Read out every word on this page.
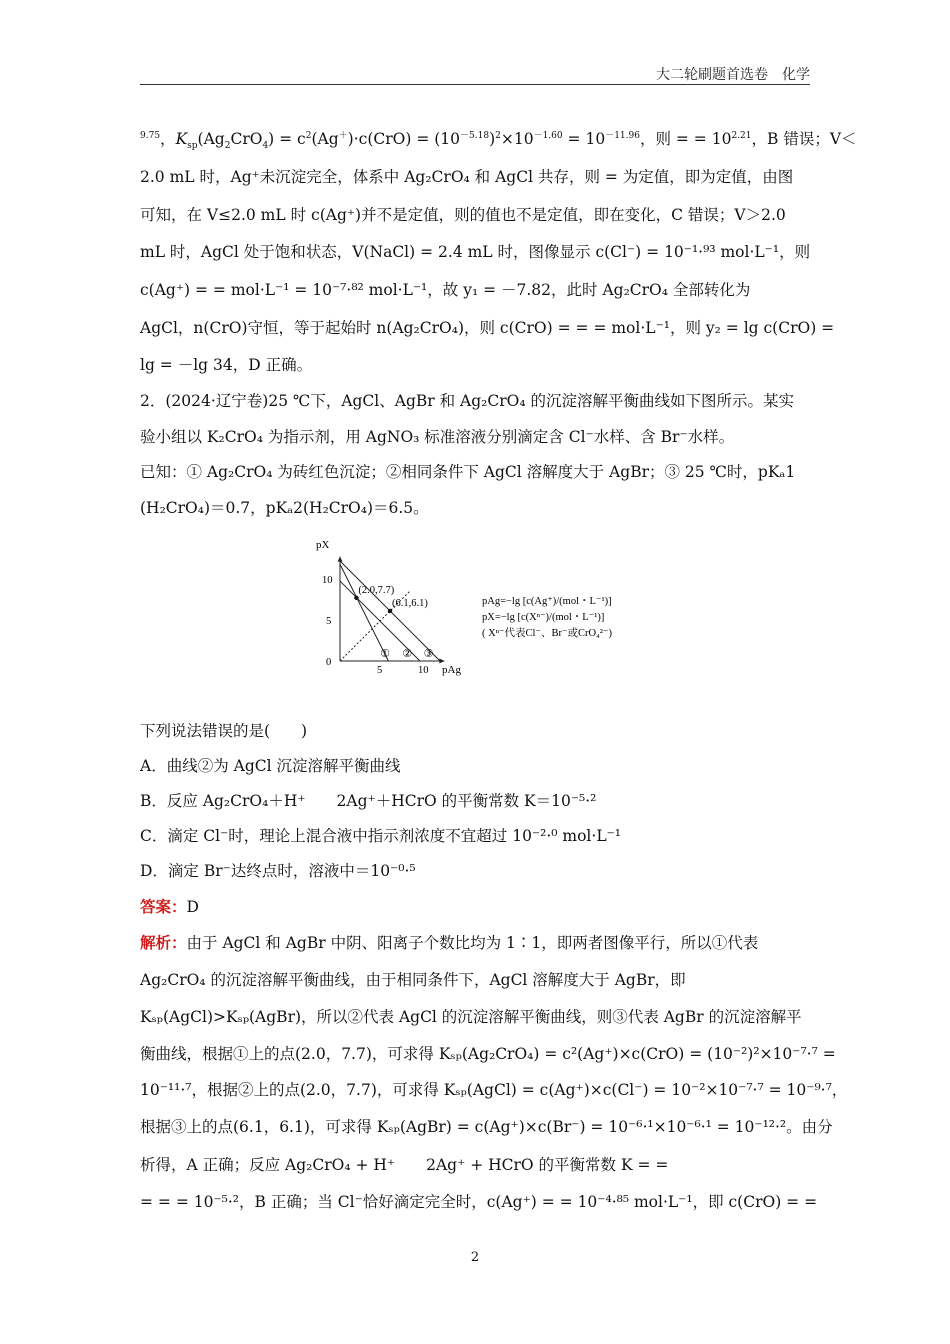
大二轮刷题首选卷　化学
$^{9.75}$，$K_{sp}(Ag_2CrO_4) = c^2(Ag^+)\cdot c(CrO) = (10^{-5.18})^2\times 10^{-1.60} = 10^{-11.96}$，则 = = $10^{2.21}$，B 错误；V＜
2.0 mL 时，Ag⁺未沉淀完全，体系中 Ag₂CrO₄ 和 AgCl 共存，则 = 为定值，即为定值，由图
可知，在 V≤2.0 mL 时 c(Ag⁺)并不是定值，则的值也不是定值，即在变化，C 错误；V＞2.0
mL 时，AgCl 处于饱和状态，V(NaCl) = 2.4 mL 时，图像显示 c(Cl⁻) = 10⁻¹·⁹³ mol·L⁻¹，则
c(Ag⁺) = = mol·L⁻¹ = 10⁻⁷·⁸² mol·L⁻¹，故 y₁ = －7.82，此时 Ag₂CrO₄ 全部转化为
AgCl，n(CrO)守恒，等于起始时 n(Ag₂CrO₄)，则 c(CrO) = = = mol·L⁻¹，则 y₂ = lg c(CrO) =
lg = －lg 34，D 正确。
2．(2024·辽宁卷)25 ℃下，AgCl、AgBr 和 Ag₂CrO₄ 的沉淀溶解平衡曲线如下图所示。某实
验小组以 K₂CrO₄ 为指示剂，用 AgNO₃ 标准溶液分别滴定含 Cl⁻水样、含 Br⁻水样。
已知：① Ag₂CrO₄ 为砖红色沉淀；②相同条件下 AgCl 溶解度大于 AgBr；③ 25 ℃时，pKₐ1
(H₂CrO₄)＝0.7，pKₐ2(H₂CrO₄)＝6.5。
5	10
0
5
10
① ② ③
(2.0,7.7)
(6.1,6.1)
pX
pAg
pAg=−lg [c(Ag⁺)/(mol・L⁻¹)]
pX=−lg [c(Xⁿ⁻)/(mol・L⁻¹)]
( Xⁿ⁻代表Cl⁻、Br⁻或CrO₄²⁻)
下列说法错误的是(　　)
A．曲线②为 AgCl 沉淀溶解平衡曲线
B．反应 Ag₂CrO₄＋H⁺　　2Ag⁺＋HCrO 的平衡常数 K＝10⁻⁵·²
C．滴定 Cl⁻时，理论上混合液中指示剂浓度不宜超过 10⁻²·⁰ mol·L⁻¹
D．滴定 Br⁻达终点时，溶液中＝10⁻⁰·⁵
答案：D
解析：由于 AgCl 和 AgBr 中阴、阳离子个数比均为 1∶1，即两者图像平行，所以①代表
Ag₂CrO₄ 的沉淀溶解平衡曲线，由于相同条件下，AgCl 溶解度大于 AgBr，即
Kₛₚ(AgCl)>Kₛₚ(AgBr)，所以②代表 AgCl 的沉淀溶解平衡曲线，则③代表 AgBr 的沉淀溶解平
衡曲线，根据①上的点(2.0，7.7)，可求得 Kₛₚ(Ag₂CrO₄) = c²(Ag⁺)×c(CrO) = (10⁻²)²×10⁻⁷·⁷ =
10⁻¹¹·⁷，根据②上的点(2.0，7.7)，可求得 Kₛₚ(AgCl) = c(Ag⁺)×c(Cl⁻) = 10⁻²×10⁻⁷·⁷ = 10⁻⁹·⁷，
根据③上的点(6.1，6.1)，可求得 Kₛₚ(AgBr) = c(Ag⁺)×c(Br⁻) = 10⁻⁶·¹×10⁻⁶·¹ = 10⁻¹²·²。由分
析得，A 正确；反应 Ag₂CrO₄ + H⁺　　2Ag⁺ + HCrO 的平衡常数 K = =
= = = 10⁻⁵·²，B 正确；当 Cl⁻恰好滴定完全时，c(Ag⁺) = = 10⁻⁴·⁸⁵ mol·L⁻¹，即 c(CrO) = =
2
